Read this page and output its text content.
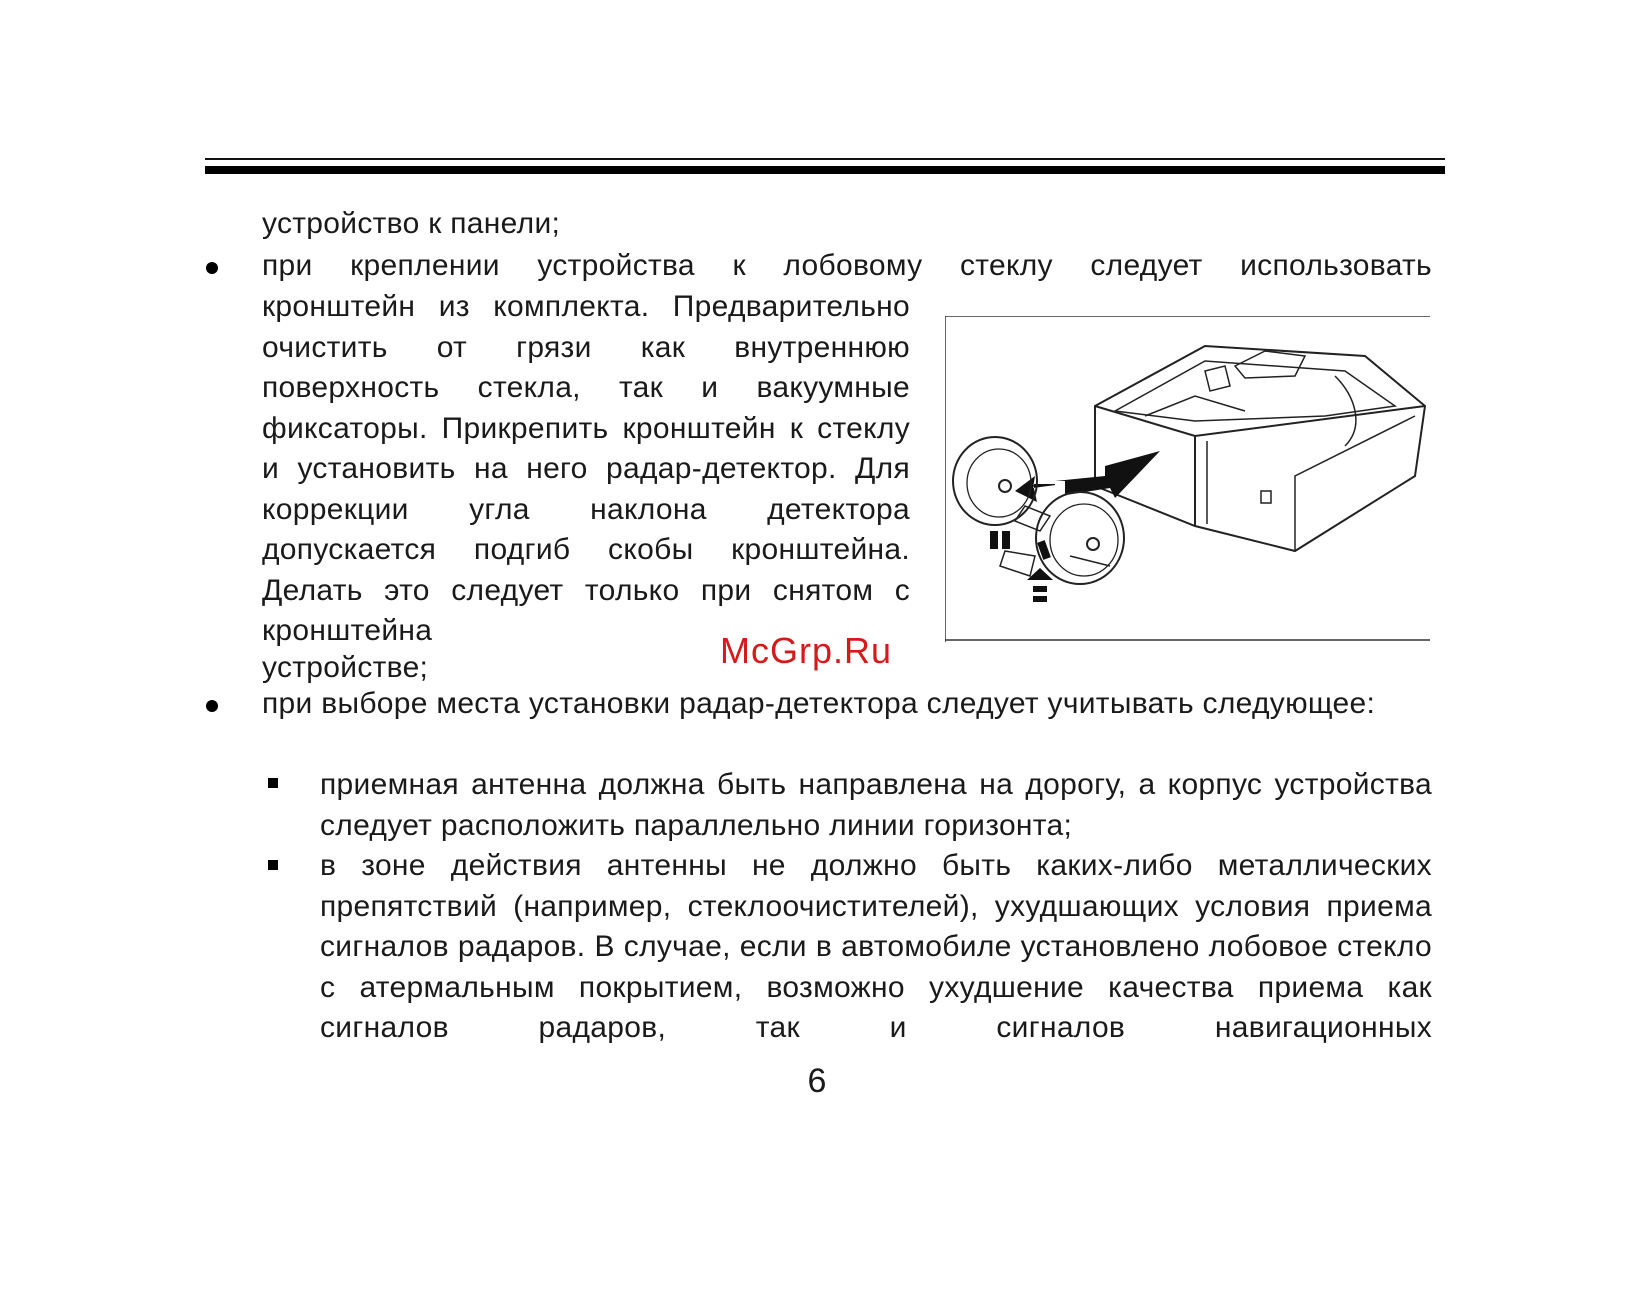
устройство к панели;
при креплении устройства к лобовому стеклу следует использовать
кронштейн из комплекта. Предварительно очистить от грязи как внутреннюю поверхность стекла, так и вакуумные фиксаторы. Прикрепить кронштейн к стеклу и установить на него радар-детектор. Для коррекции угла наклона детектора допускается подгиб скобы кронштейна. Делать это следует только при снятом с кронштейна
устройстве;
при выборе места установки радар-детектора следует учитывать следующее:
приемная антенна должна быть направлена на дорогу, а корпус устройства следует расположить параллельно линии горизонта;
в зоне действия антенны не должно быть каких-либо металлических препятствий (например, стеклоочистителей), ухудшающих условия приема сигналов радаров. В случае, если в автомобиле установлено лобовое стекло с атермальным покрытием, возможно ухудшение качества приема как сигналов радаров, так и сигналов навигационных
McGrp.Ru
6
